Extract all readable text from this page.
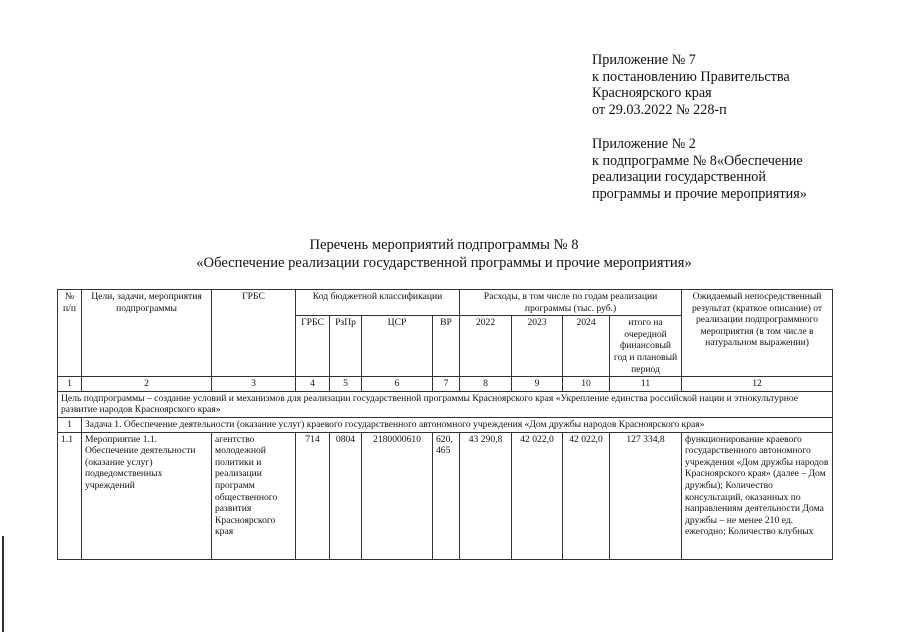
Приложение № 7
к постановлению Правительства
Красноярского края
от 29.03.2022 № 228-п
Приложение № 2
к подпрограмме № 8«Обеспечение
реализации государственной
программы и прочие мероприятия»
Перечень мероприятий подпрограммы № 8
«Обеспечение реализации государственной программы и прочие мероприятия»
№ п/п	Цели, задачи, мероприятия подпрограммы	ГРБС	Код бюджетной классификации				Расходы, в том числе по годам реализации программы (тыс. руб.)				Ожидаемый непосредственный результат (краткое описание) от реализации подпрограммного мероприятия (в том числе в натуральном выражении)
			ГРБС	РзПр	ЦСР	ВР	2022	2023	2024	итого на очередной финансовый год и плановый период	
1	2	3	4	5	6	7	8	9	10	11	12
Цель подпрограммы – создание условий и механизмов для реализации государственной программы Красноярского края «Укрепление единства российской нации и этнокультурное развитие народов Красноярского края»											
1	Задача 1. Обеспечение деятельности (оказание услуг) краевого государственного автономного учреждения «Дом дружбы народов Красноярского края»										
1.1	Мероприятие 1.1. Обеспечение деятельности (оказание услуг) подведомственных учреждений	агентство молодежной политики и реализации программ общественного развития Красноярского края	714	0804	2180000610	620, 465	43 290,8	42 022,0	42 022,0	127 334,8	функционирование краевого государственного автономного учреждения «Дом дружбы народов Красноярского края» (далее – Дом дружбы); Количество консультаций, оказанных по направлениям деятельности Дома дружбы – не менее 210 ед. ежегодно; Количество клубных
